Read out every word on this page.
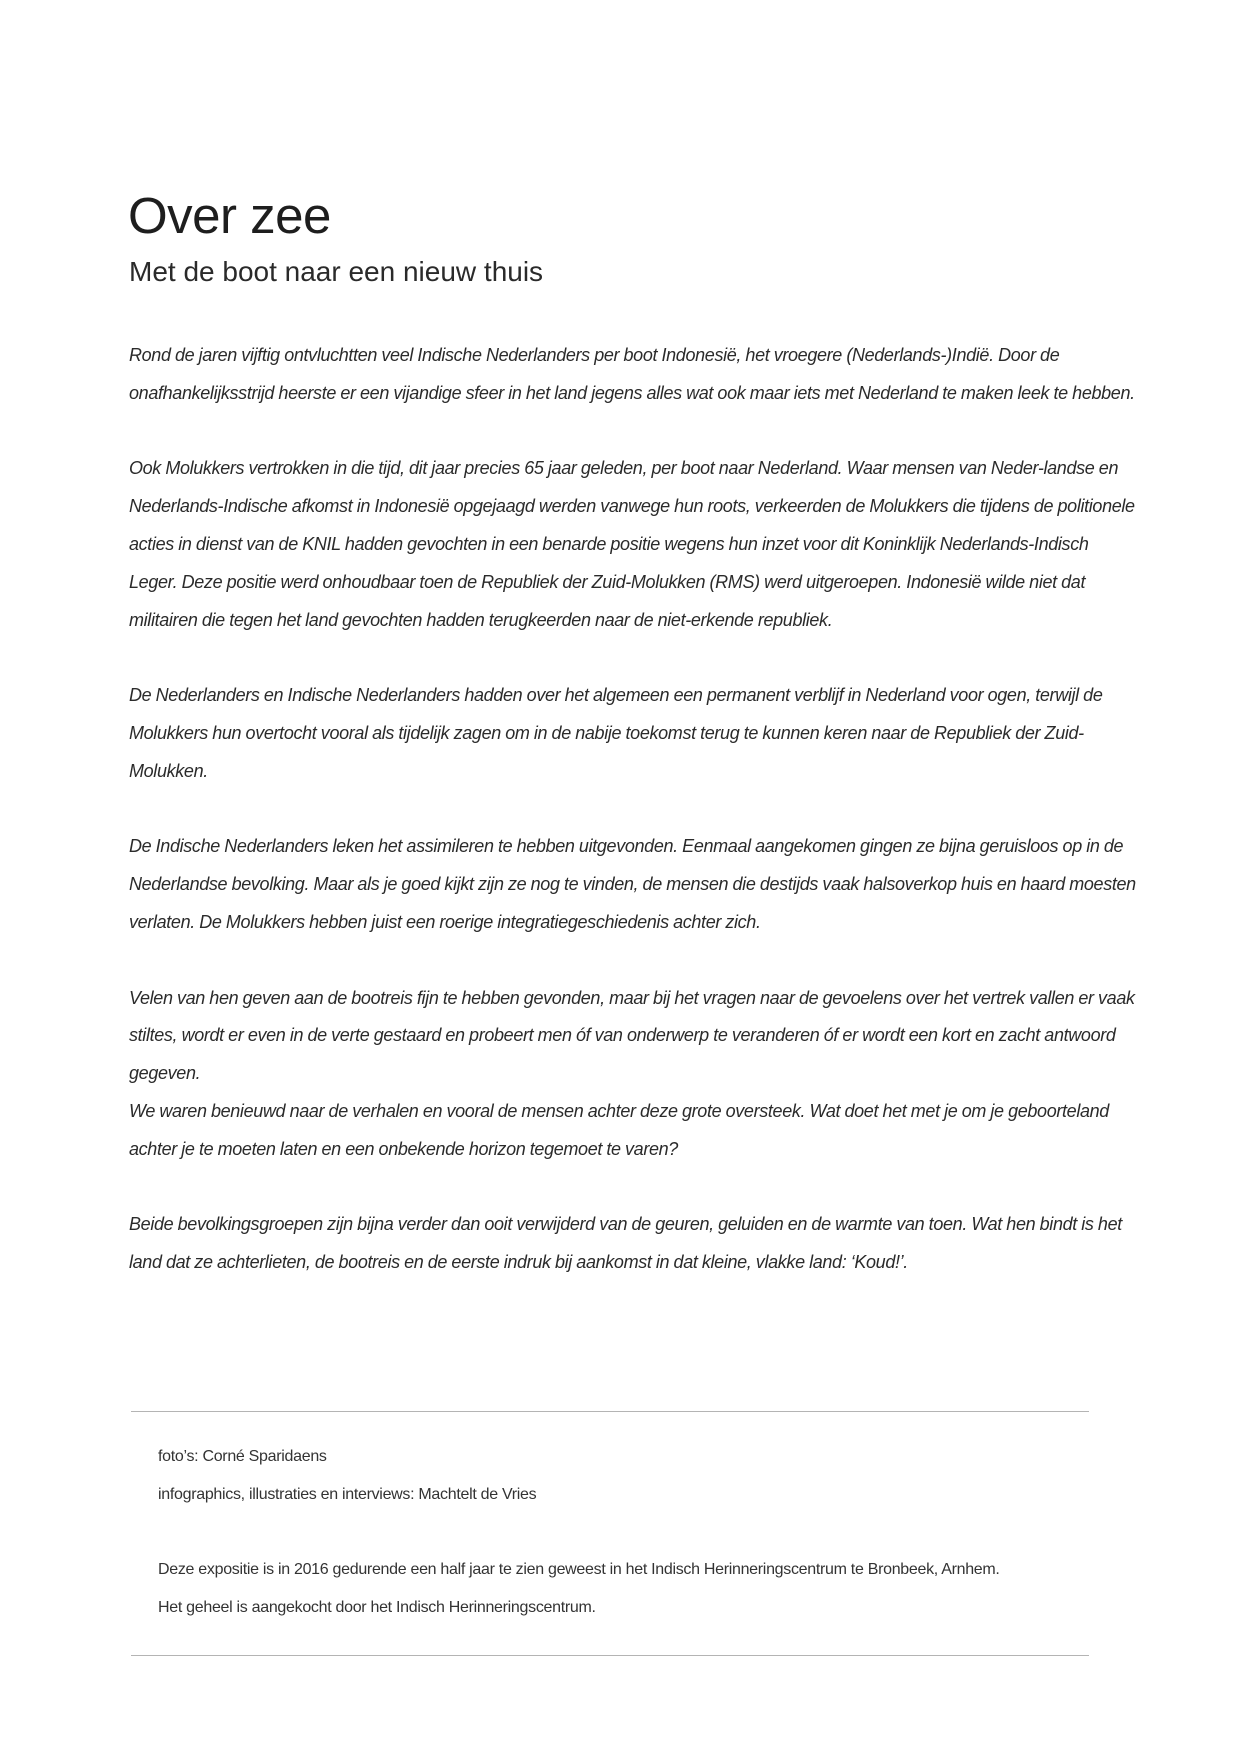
Over zee
Met de boot naar een nieuw thuis

Rond de jaren vijftig ontvluchtten veel Indische Nederlanders per boot Indonesië, het vroegere (Nederlands-)Indië. Door de onafhankelijksstrijd heerste er een vijandige sfeer in het land jegens alles wat ook maar iets met Nederland te maken leek te hebben.

Ook Molukkers vertrokken in die tijd, dit jaar precies 65 jaar geleden, per boot naar Nederland. Waar mensen van Neder-landse en Nederlands-Indische afkomst in Indonesië opgejaagd werden vanwege hun roots, verkeerden de Molukkers die tijdens de politionele acties in dienst van de KNIL hadden gevochten in een benarde positie wegens hun inzet voor dit Koninklijk Nederlands-Indisch Leger. Deze positie werd onhoudbaar toen de Republiek der Zuid-Molukken (RMS) werd uitgeroepen. Indonesië wilde niet dat militairen die tegen het land gevochten hadden terugkeerden naar de niet-erkende republiek.

De Nederlanders en Indische Nederlanders hadden over het algemeen een permanent verblijf in Nederland voor ogen, terwijl de Molukkers hun overtocht vooral als tijdelijk zagen om in de nabije toekomst terug te kunnen keren naar de Republiek der Zuid-Molukken.

De Indische Nederlanders leken het assimileren te hebben uitgevonden. Eenmaal aangekomen gingen ze bijna geruisloos op in de Nederlandse bevolking. Maar als je goed kijkt zijn ze nog te vinden, de mensen die destijds vaak halsoverkop huis en haard moesten verlaten. De Molukkers hebben juist een roerige integratiegeschiedenis achter zich.

Velen van hen geven aan de bootreis fijn te hebben gevonden, maar bij het vragen naar de gevoelens over het vertrek vallen er vaak stiltes, wordt er even in de verte gestaard en probeert men óf van onderwerp te veranderen óf er wordt een kort en zacht antwoord gegeven.

We waren benieuwd naar de verhalen en vooral de mensen achter deze grote oversteek. Wat doet het met je om je geboorteland achter je te moeten laten en een onbekende horizon tegemoet te varen?

Beide bevolkingsgroepen zijn bijna verder dan ooit verwijderd van de geuren, geluiden en de warmte van toen. Wat hen bindt is het land dat ze achterlieten, de bootreis en de eerste indruk bij aankomst in dat kleine, vlakke land: ‘Koud!’.

foto’s: Corné Sparidaens

infographics, illustraties en interviews: Machtelt de Vries

Deze expositie is in 2016 gedurende een half jaar te zien geweest in het Indisch Herinneringscentrum te Bronbeek, Arnhem.

Het geheel is aangekocht door het Indisch Herinneringscentrum.
